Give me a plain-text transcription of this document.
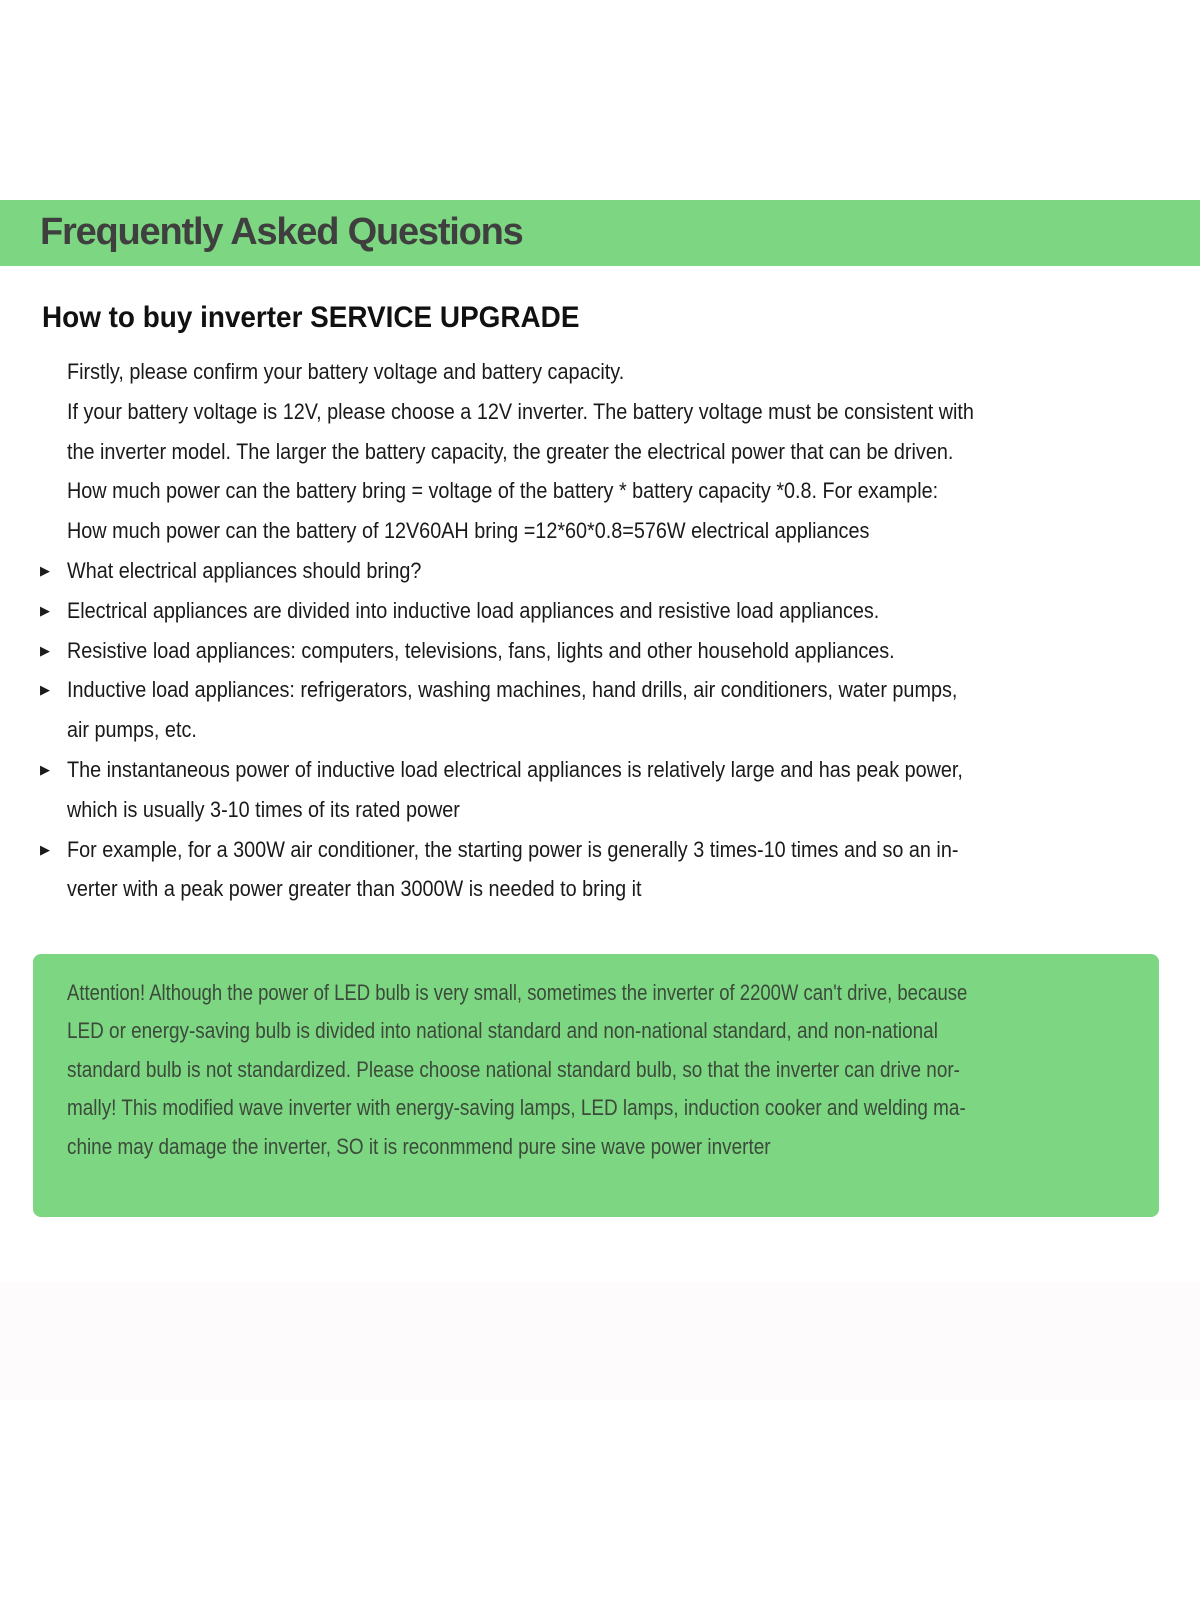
Frequently Asked Questions
How to buy inverter SERVICE UPGRADE
Firstly, please confirm your battery voltage and battery capacity.
If your battery voltage is 12V, please choose a 12V inverter. The battery voltage must be consistent with
the inverter model. The larger the battery capacity, the greater the electrical power that can be driven.
How much power can the battery bring = voltage of the battery * battery capacity *0.8. For example:
How much power can the battery of 12V60AH bring =12*60*0.8=576W electrical appliances
▶ What electrical appliances should bring?
▶ Electrical appliances are divided into inductive load appliances and resistive load appliances.
▶ Resistive load appliances: computers, televisions, fans, lights and other household appliances.
▶ Inductive load appliances: refrigerators, washing machines, hand drills, air conditioners, water pumps,
air pumps, etc.
▶ The instantaneous power of inductive load electrical appliances is relatively large and has peak power,
which is usually 3-10 times of its rated power
▶ For example, for a 300W air conditioner, the starting power is generally 3 times-10 times and so an in-
verter with a peak power greater than 3000W is needed to bring it
Attention! Although the power of LED bulb is very small, sometimes the inverter of 2200W can't drive, because
LED or energy-saving bulb is divided into national standard and non-national standard, and non-national
standard bulb is not standardized. Please choose national standard bulb, so that the inverter can drive nor-
mally! This modified wave inverter with energy-saving lamps, LED lamps, induction cooker and welding ma-
chine may damage the inverter, SO it is reconmmend pure sine wave power inverter
